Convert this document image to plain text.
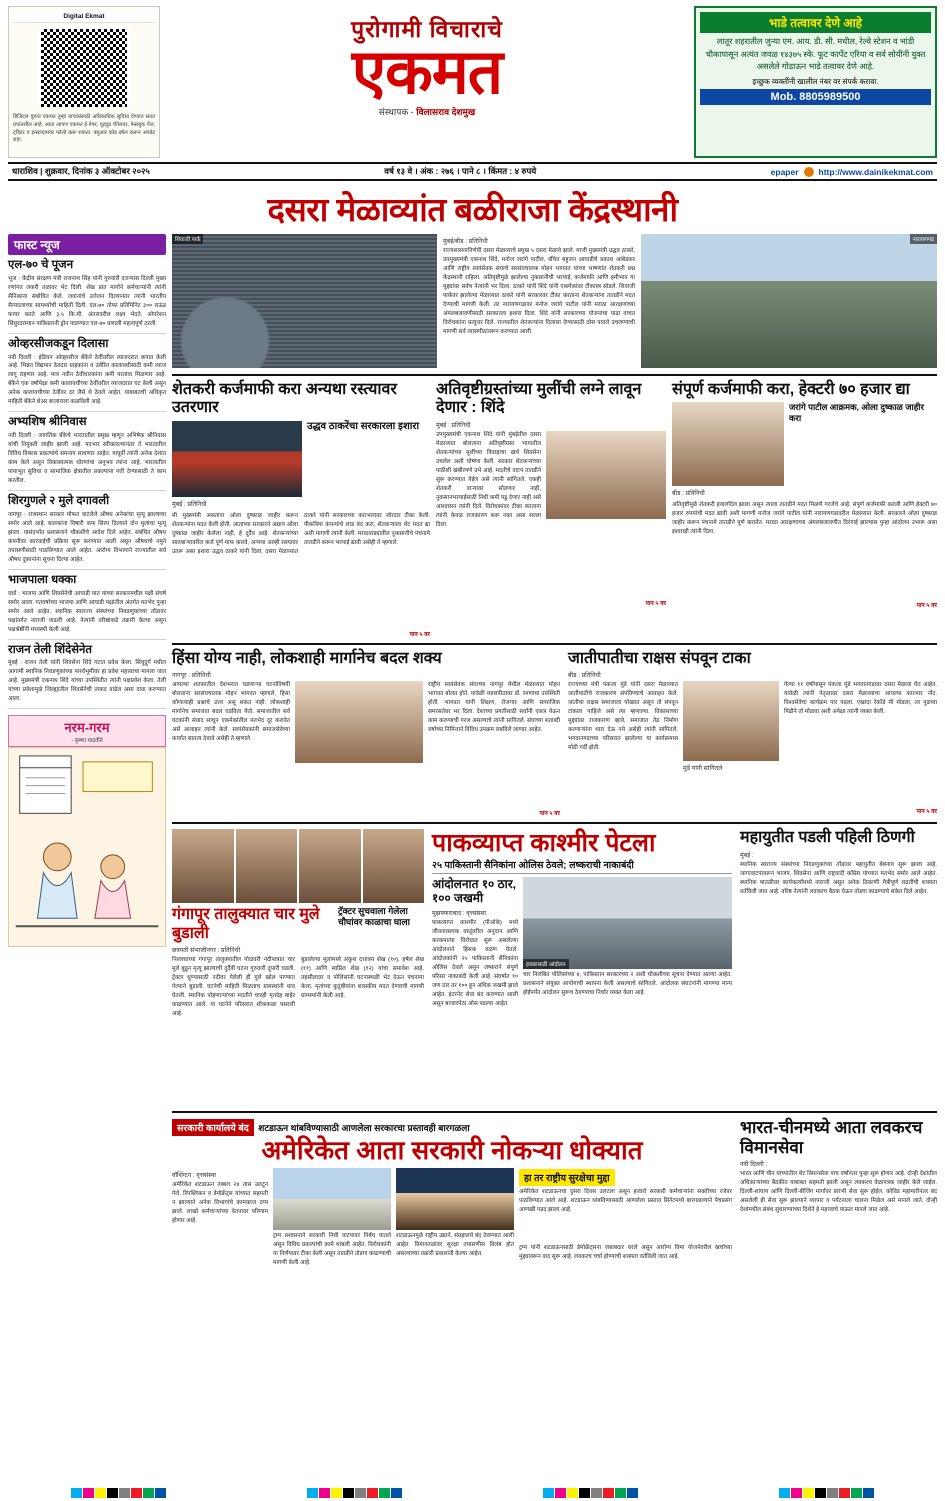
Digital Ekmat
डिजिटल युगात एकमत तुम्हा वाचकांसाठी अधिकाधिक सुविधा देण्यात सतत प्रयत्नशील आहे. आता आपण एकमत ई-पेपर, यूट्यूब चॅनेलवर, फेसबुक पेज, ट्विटर व इन्स्टाग्रामवर फॉलो करू शकता. क्यूआर कोड स्कॅन करून अपडेट राहा.
पुरोगामी विचाराचे
एकमत
संस्थापक - विलासराव देशमुख
भाडे तत्वावर देणे आहे
लातूर शहरातील जुन्या एम. आय. डी. सी. मधील, रेल्वे स्टेशन व भांडी चौकापासून अत्यंत जवळ १४३७५ स्के. फूट कार्पेट एरिया व सर्व सोयींनी युक्त असलेले गोडाऊन भाडे तत्वावर देणे आहे.
इच्छुक व्यक्तींनी खालील नंबर वर संपर्क करावा.
Mob. 8805989500
धाराशिव | शुक्रवार, दिनांक ३ ऑक्टोबर २०२५	वर्ष १३ वे । अंक : २७६ । पाने ८ । किंमत : ४ रुपये	epaper http://www.dainikekmat.com
दसरा मेळाव्यांत बळीराजा केंद्रस्थानी
फास्ट न्यूज
एल-७० चे पूजन
भूज : केंद्रीय संरक्षण मंत्री राजनाथ सिंह यांनी गुरुवारी दत्तन्यास दिल्ली मुख्य रणांगत लकरी तळावर भेट दिली. शेख प्रात मार्गाने कर्मचाऱ्यांनी त्यांनी सैनिकांना संबोधित केले. जवानांचे उत्तेजन दिल्यानंतर त्यांनी भारतीय सैन्यदलाच्या सामर्थ्याची माहिती दिली. एल-७० तोफा प्रतिमिनिट ३०० राऊंड फायर करते आणि ३.५ कि.मी. अंतरावरील लक्ष्य भेदते. ओपरेशन सिंधुरदरम्यान पाकिस्तानी ड्रोन पाडण्यात एल-७० प्रणाली महत्त्वपूर्ण ठरली.
ओव्हरसीजकडून दिलासा
नवी दिल्ली : इंडियन ओव्हरसीज बँकेने ठेवींवरील व्याजदरात कपात केली आहे. भिन्नत विद्यमान ठेवदार ग्राहकांना व उर्वरित कालावधीसाठी कमी व्याज लागू राहणार आहे. मात्र नवीन ठेवीधारकांना कमी परतावा मिळणार आहे. बँकेने एक वर्षापेक्षा कमी कालावधीच्या ठेवींवरील व्याजदरात घट केली असून अनेक कालावधीच्या ठेवींवर दर जैसे थे ठेवले आहेत. याबाबतची अधिकृत माहिती बँकेने शेअर बाजाराला कळविली आहे.
अभ्यशिष श्रीनिवास
नवी दिल्ली : जागतिक बँकेचे भारतातील प्रमुख म्हणून अभिषेक श्रीनिवास यांची नियुक्ती जाहीर झाली आहे. पदभार स्वीकारल्यानंतर ते भारतातील विविध विकास प्रकल्पांचे समन्वय साधणार आहेत. यापूर्वी त्यांनी अनेक देशांत काम केले असून विकासात्मक धोरणांचा अनुभव त्यांना आहे. भारतातील पायाभूत सुविधा व सामाजिक क्षेत्रातील प्रकल्पांना गती देण्यासाठी ते काम करतील.
शिरगुणले २ मुले दगावली
नागपूर : राजस्थान सरकार मोफत वाटलेले औषध अनेकांचा मृत्यू झाल्याचा समोर आले आहे. बालकांना विषारी कफ सिरप दिल्याने दोन मुलांचा मृत्यू झाला. यासंदर्भात प्रशासनाने चौकशीचे आदेश दिले आहेत. संबंधित औषध कंपनीवर कारवाईची प्रक्रिया सुरू करण्यात आली असून औषधाचे नमुने तपासणीसाठी पाठविण्यात आले आहेत. आरोग्य विभागाने राज्यातील सर्व औषध दुकानांना सूचना दिल्या आहेत.
भाजपाला धक्का
वर्धा : भाजपा आणि शिवसेनेची आघाडी यात यांच्या सरकारमधील पक्षी संघर्ष समोर आला. गतवर्षाच्या भाजपा आणि आघाडी पक्षांतील अंतर्गत मतभेद पुन्हा समोर आले आहेत. स्थानिक स्वराज्य संस्थांच्या निवडणुकांच्या तोंडावर पक्षांतर्गत नाराजी वाढली आहे. नेत्यांनी वरिष्ठांकडे तक्रारी केल्या असून पक्षश्रेष्ठींनी मध्यस्थी केली आहे.
राजन तेली शिंदेसेनेत
मुंबई : राजन तेली यांनी शिवसेना शिंदे गटात प्रवेश केला. सिंधुदुर्ग मधील आगामी स्थानिक निवडणुकांच्या पार्श्वभूमीवर हा प्रवेश महत्त्वाचा मानला जात आहे. मुख्यमंत्री एकनाथ शिंदे यांच्या उपस्थितीत त्यांनी पक्षप्रवेश केला. तेली यांच्या प्रवेशामुळे जिल्ह्यातील शिवसेनेची ताकद वाढेल असा दावा करण्यात आला.
नरम-गरम
- कृष्णा यादवीने
शिवाजी पार्क	मुंबई/बीड : प्रतिनिधी
राज्यशासनानिर्णयी दसरा मेळाव्याचे प्रमुख ५ दसरा मेळावे झाले. माजी मुख्यमंत्री उद्धव ठाकरे, उपमुख्यमंत्री एकनाथ शिंदे, मनोज जरांगे पाटील, वंचित बहुजन आघाडीचे प्रकाश आंबेडकर आणि राष्ट्रीय स्वयंसेवक संघाचे सरसंघचालक मोहन भागवत यांच्या भाषणांत शेतकरी प्रश्न केंद्रस्थानी राहिला. अतिवृष्टीमुळे झालेल्या नुकसानीची भरपाई, कर्जमाफी आणि हमीभाव या मुद्द्यांवर सर्वच नेत्यांनी भर दिला. ठाकरे यांनी शिंदे यांनी एकमेकांवर टीकास्त्र सोडले. शिवाजी पार्कवर झालेल्या मेळाव्यात ठाकरे यांनी सरकारवर टीका करताना शेतकऱ्यांना तातडीने मदत देण्याची मागणी केली. तर नारायणगडावर मनोज जरांगे पाटील यांनी मराठा आरक्षणाच्या अंमलबजावणीसाठी सरकारला इशारा दिला. शिंदे यांनी सरकारच्या योजनांचा पाढा वाचत विरोधकांना प्रत्युत्तर दिले. राज्यातील शेतकऱ्यांना दिलासा देण्यासाठी ठोस पावले उचलण्याची मागणी सर्व व्यासपीठांवरून करण्यात आली.
नारायणगड
शेतकरी कर्जमाफी करा अन्यथा रस्त्यावर उतरणार
मुंबई : प्रतिनिधी
उद्धव ठाकरेंचा सरकारला इशारा
मी मुख्यमंत्री असताना ओला दुष्काळ जाहीर करून शेतकऱ्यांना मदत केली होती. आताच्या सरकारने अद्याप ओला दुष्काळ जाहीर केलेला नाही, हे दुर्दैव आहे. शेतकऱ्यांच्या सातबाऱ्यावरील कर्ज पूर्ण माफ करावे, अन्यथा आम्ही रस्त्यावर उतरू असा इशारा उद्धव ठाकरे यांनी दिला. दसरा मेळाव्यात ठाकरे यांनी सरकारच्या कारभारावर जोरदार टीका केली. पीकविमा कंपन्यांचे लाड बंद करा, शेतकऱ्याला थेट मदत द्या अशी मागणी त्यांनी केली. मराठवाड्यातील नुकसानीचे पंचनामे तातडीने करून भरपाई द्यावी असेही ते म्हणाले.
पान ५ वर
अतिवृष्टीग्रस्तांच्या मुलींची लग्ने लावून देणार : शिंदे
मुंबई : प्रतिनिधी
उपमुख्यमंत्री एकनाथ शिंदे यांनी मुंबईतील दसरा मेळाव्यात बोलताना अतिवृष्टीग्रस्त भागातील शेतकऱ्यांच्या मुलींच्या विवाहाचा खर्च शिवसेना उचलेल अशी घोषणा केली. सरकार शेतकऱ्यांच्या पाठीशी खंबीरपणे उभे आहे, मदतीचे वाटप तातडीने सुरू करण्यात येईल असे त्यांनी सांगितले. एकही शेतकरी वाऱ्यावर सोडणार नाही, नुकसानभरपाईसाठी निधी कमी पडू देणार नाही असे आश्वासन त्यांनी दिले. विरोधकांवर टीका करताना त्यांनी केवळ राजकारण करू नका असा सल्ला दिला.
पान ५ वर
संपूर्ण कर्जमाफी करा, हेक्टरी ७० हजार द्या
बीड : प्रतिनिधी
जरांगे पाटील आक्रमक, ओला दुष्काळ जाहीर करा
अतिवृष्टीमुळे शेतकरी हवालदिल झाला असून त्याला तातडीने मदत मिळणे गरजेचे आहे. संपूर्ण कर्जमाफी करावी आणि हेक्टरी ७० हजार रुपयांची मदत द्यावी अशी मागणी मनोज जरांगे पाटील यांनी नारायणगडावरील मेळाव्यात केली. सरकारने ओला दुष्काळ जाहीर करून पंचनामे तातडीने पूर्ण करावेत. मराठा आरक्षणाच्या अंमलबजावणीत दिरंगाई झाल्यास पुन्हा आंदोलन उभारू असा इशाराही त्यांनी दिला.
पान ५ वर
हिंसा योग्य नाही, लोकशाही मार्गानेच बदल शक्य
नागपूर : प्रतिनिधी
आपल्या शतकातील देशभरात घडणाऱ्या घटनांविषयी बोलताना सरसंघचालक मोहन भागवत म्हणाले, हिंसा कोणत्याही प्रश्नाचे उत्तर असू शकत नाही. लोकशाही मार्गानेच समाजात बदल घडविता येतो. समाजातील सर्व घटकांनी संवाद साधून एकमेकांतील मतभेद दूर करावेत असे आवाहन त्यांनी केले. स्वयंसेवकांनी समाजसेवेच्या कार्यात सातत्य ठेवावे असेही ते म्हणाले.
राष्ट्रीय स्वयंसेवक संघाच्या नागपूर येथील मेळाव्यात मोहन भागवत बोलत होते. यावेळी व्यासपीठावर डॉ. रमणाचा उपस्थिती होती. भागवत यांनी शिक्षण, रोजगार आणि सामाजिक समरसतेवर भर दिला. देशाच्या प्रगतीसाठी सर्वांनी एकत्र येऊन काम करण्याची गरज असल्याचे त्यांनी सांगितले. संघाच्या शताब्दी वर्षाच्या निमित्ताने विविध उपक्रम राबविले जाणार आहेत.
पान ५ वर
जातीपातीचा राक्षस संपवून टाका
बीड : प्रतिनिधी
राज्याच्या मंत्री पंकजा मुंडे यांनी दसरा मेळाव्यात जातीपातीचे राजकारण संपविण्याचे आवाहन केले. जातीचा राक्षस समाजाला पोखरत असून तो संपवून टाकला पाहिजे असे त्या म्हणाल्या. विकासाच्या मुद्द्यांवर राजकारण व्हावे, समाजात तेढ निर्माण करणाऱ्यांना थारा देऊ नये असेही त्यांनी सांगितले. भगवानगडाच्या परिसरात झालेल्या या कार्यक्रमास मोठी गर्दी होती.
मुंडे यांनी सांगितले
गेल्या ११ वर्षांपासून पंकजा मुंडे भगवानगडावर दसरा मेळावा घेत आहेत. यावेळी त्यांनी नेतृत्वावर दसरा मेळाव्याचा आपल्या कारभार नोंद. विश्वसेवेचा कार्यक्रम पार पडला. एखादा रेकॉर्ड मी मोडला, तर पुढच्या पिढीने तो मोडावा अशी अपेक्षा त्यांनी व्यक्त केली.
पान ५ वर
गंगापूर तालुक्यात चार मुले बुडाली
ट्रॅक्टर सुचवाला गेलेला चौघांवर काळाचा घाला
छत्रपती संभाजीनगर : प्रतिनिधी
निल्लधाच्या गंगापूर तालुक्यातील गोदावरी नदीपात्रात चार मुले बुडून मृत्यू झाल्याची दुर्दैवी घटना गुरुवारी दुपारी घडली. ट्रॅक्टर धुण्यासाठी नदीवर गेलेली ही मुले खोल पाण्यात गेल्याने बुडाली. घटनेची माहिती मिळताच ग्रामस्थांनी धाव घेतली. स्थानिक पोहणाऱ्यांच्या मदतीने चारही मृतदेह बाहेर काढण्यात आले. या घटनेने परिसरात शोककळा पसरली आहे.
बुडालेल्या मुलांमध्ये अंकुश दत्तात्रय शेख (१०), हर्षल शेख (११) आणि स्वप्निल शेख (१२) यांचा समावेश आहे. तहसीलदार व पोलिसांनी घटनास्थळी भेट देऊन पंचनामा केला. मृतांच्या कुटुंबीयांना शासकीय मदत देण्याची मागणी ग्रामस्थांनी केली आहे.
पाकव्याप्त काश्मीर पेटला
२५ पाकिस्तानी सैनिकांना ओलिस ठेवले; लष्कराची नाकाबंदी
आंदोलनात १० ठार, १०० जखमी
मुझफ्फराबाद : वृत्तसंस्था
पाकव्याप्त काश्मीर (पीओके) मध्ये जीवनावश्यक वस्तूंवरील अनुदान आणि करकपात्या विरोधात सुरू असलेल्या आंदोलनाने हिंसक वळण घेतले. आंदोलकांनी २५ पाकिस्तानी सैनिकांना ओलिस ठेवले असून लष्कराने संपूर्ण परिसर नाकाबंदी केली आहे. संघर्षात १० जण ठार तर १०० हून अधिक जखमी झाले आहेत. इंटरनेट सेवा बंद करण्यात आली असून बाजारपेठा ओस पडल्या आहेत.
हक्कासाठी आंदोलन
चार निलंबित पोलिसांच्या ४, पाकिस्तान सरकारच्या २ अशी चौकशीच्या सूचना देण्यात आल्या आहेत. प्रशासनाने संयुक्त आयोगाची स्थापना केली असल्याचे सांगितले. आंदोलक संघटनांनी मागण्या मान्य होईपर्यंत आंदोलन सुरूच ठेवण्याचा निर्धार व्यक्त केला आहे.
महायुतीत पडली पहिली ठिणगी
मुंबई :
स्थानिक स्वराज्य संस्थांच्या निवडणुकांच्या तोंडावर महायुतीत बेबनाव सुरू झाला आहे. जागावाटपावरून भाजप, शिवसेना आणि राष्ट्रवादी काँग्रेस यांच्यात मतभेद समोर आले आहेत. स्थानिक पातळीवर कार्यकर्त्यांमध्ये नाराजी असून अनेक ठिकाणी मैत्रीपूर्ण लढतींची शक्यता वर्तविली जात आहे. वरिष्ठ नेत्यांनी लवकरच बैठक घेऊन तोडगा काढण्याचे संकेत दिले आहेत.
सरकारी कार्यालये बंद शटडाऊन थांबविण्यासाठी आणलेला सरकारचा प्रस्तावही बारगळला
अमेरिकेत आता सरकारी नोकऱ्या धोक्यात
वॉशिंग्टन : वृत्तसंस्था
अमेरिकेत शटडाऊन तब्बल २४ तास उलटून गेले. रिपब्लिकन व डेमोक्रॅट्स यांच्यात सहमती न झाल्याने अनेक विभागांचे कामकाज ठप्प झाले. लाखो कर्मचाऱ्यांच्या वेतनावर परिणाम होणार आहे.
ट्रम्प प्रशासनाने सरकारी निधी वाटपावर निर्बंध घातले असून विविध प्रकल्पांची कामे थांबली आहेत. विरोधकांनी या निर्णयावर टीका केली असून तातडीने तोडगा काढण्याची मागणी केली आहे.
शटडाऊनमुळे राष्ट्रीय उद्याने, संग्रहालये बंद ठेवण्यात आली आहेत. विमानतळांवर सुरक्षा तपासणीस विलंब होत असल्याच्या तक्रारी प्रवाशांनी केल्या आहेत.
हा तर राष्ट्रीय सुरक्षेचा मुद्दा
अमेरिकेत शटडाऊनचा दुसरा दिवस उलटला असून हजारो सरकारी कर्मचाऱ्यांना सक्तीच्या रजेवर पाठविण्यात आले आहे. शटडाऊन थांबविण्यासाठी आणलेला प्रस्ताव सिनेटमध्ये बारगळल्याने पेचप्रसंग आणखी गडद झाला आहे.
ट्रम्प यांनी शटडाऊनसाठी डेमोक्रॅट्सना जबाबदार धरले असून आरोग्य विमा योजनेवरील खर्चाच्या मुद्द्यावरून वाद सुरू आहे. लवकरच चर्चा होण्याची शक्यता वर्तविली जात आहे.
भारत-चीनमध्ये आता लवकरच विमानसेवा
नवी दिल्ली :
भारत आणि चीन यांच्यातील थेट विमानसेवा पाच वर्षांनंतर पुन्हा सुरू होणार आहे. दोन्ही देशांतील अधिकाऱ्यांच्या बैठकीत याबाबत सहमती झाली असून लवकरच वेळापत्रक जाहीर केले जाईल. दिल्ली-शांघाय आणि दिल्ली-बीजिंग मार्गांवर प्रारंभी सेवा सुरू होईल. कोविड महामारीनंतर बंद असलेली ही सेवा सुरू झाल्याने व्यापार व पर्यटनाला चालना मिळेल असे मानले जाते. दोन्ही देशांमधील संबंध सुधारण्याच्या दिशेने हे महत्त्वाचे पाऊल मानले जात आहे.
